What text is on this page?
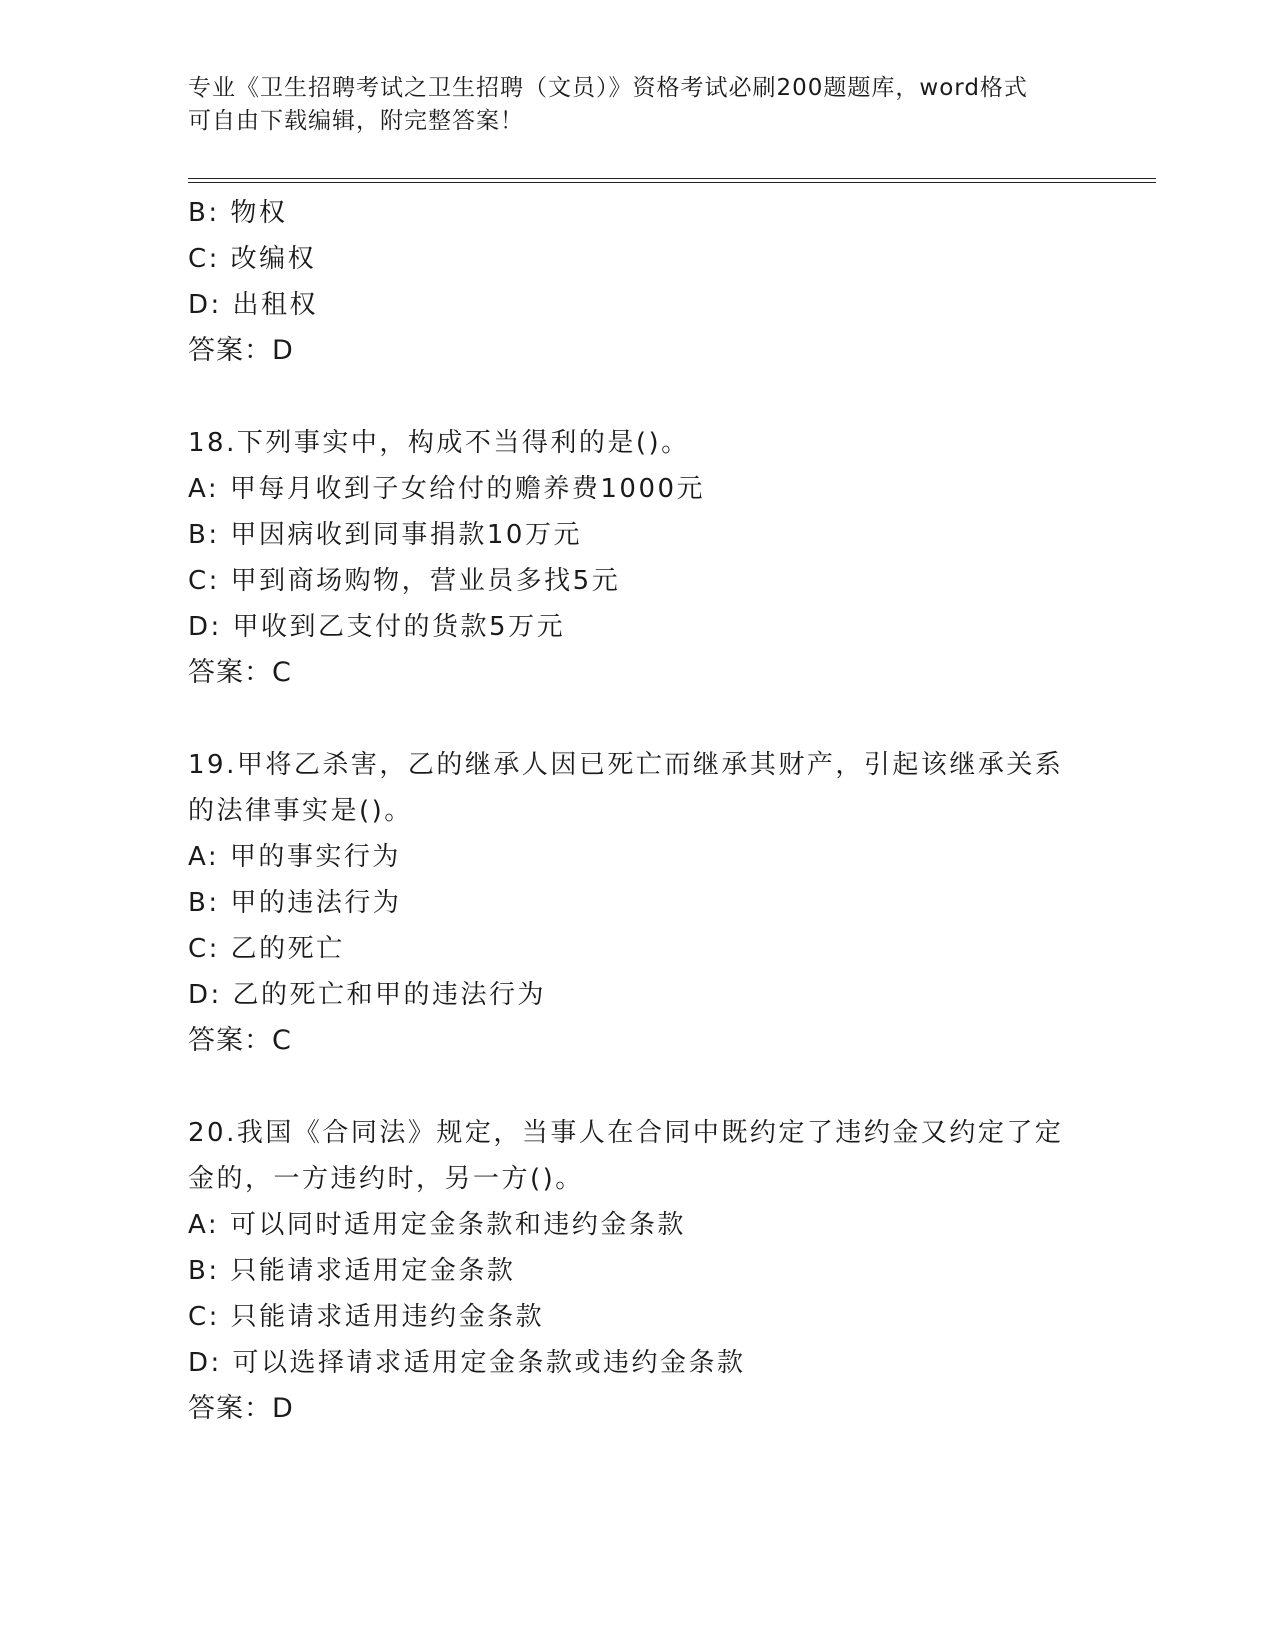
专业《卫生招聘考试之卫生招聘（文员）》资格考试必刷200题题库，word格式
可自由下载编辑，附完整答案！
B: 物权
C: 改编权
D: 出租权
答案：D
18.下列事实中，构成不当得利的是()。
A: 甲每月收到子女给付的赡养费1000元
B: 甲因病收到同事捐款10万元
C: 甲到商场购物，营业员多找5元
D: 甲收到乙支付的货款5万元
答案：C
19.甲将乙杀害，乙的继承人因已死亡而继承其财产，引起该继承关系
的法律事实是()。
A: 甲的事实行为
B: 甲的违法行为
C: 乙的死亡
D: 乙的死亡和甲的违法行为
答案：C
20.我国《合同法》规定，当事人在合同中既约定了违约金又约定了定
金的，一方违约时，另一方()。
A: 可以同时适用定金条款和违约金条款
B: 只能请求适用定金条款
C: 只能请求适用违约金条款
D: 可以选择请求适用定金条款或违约金条款
答案：D
